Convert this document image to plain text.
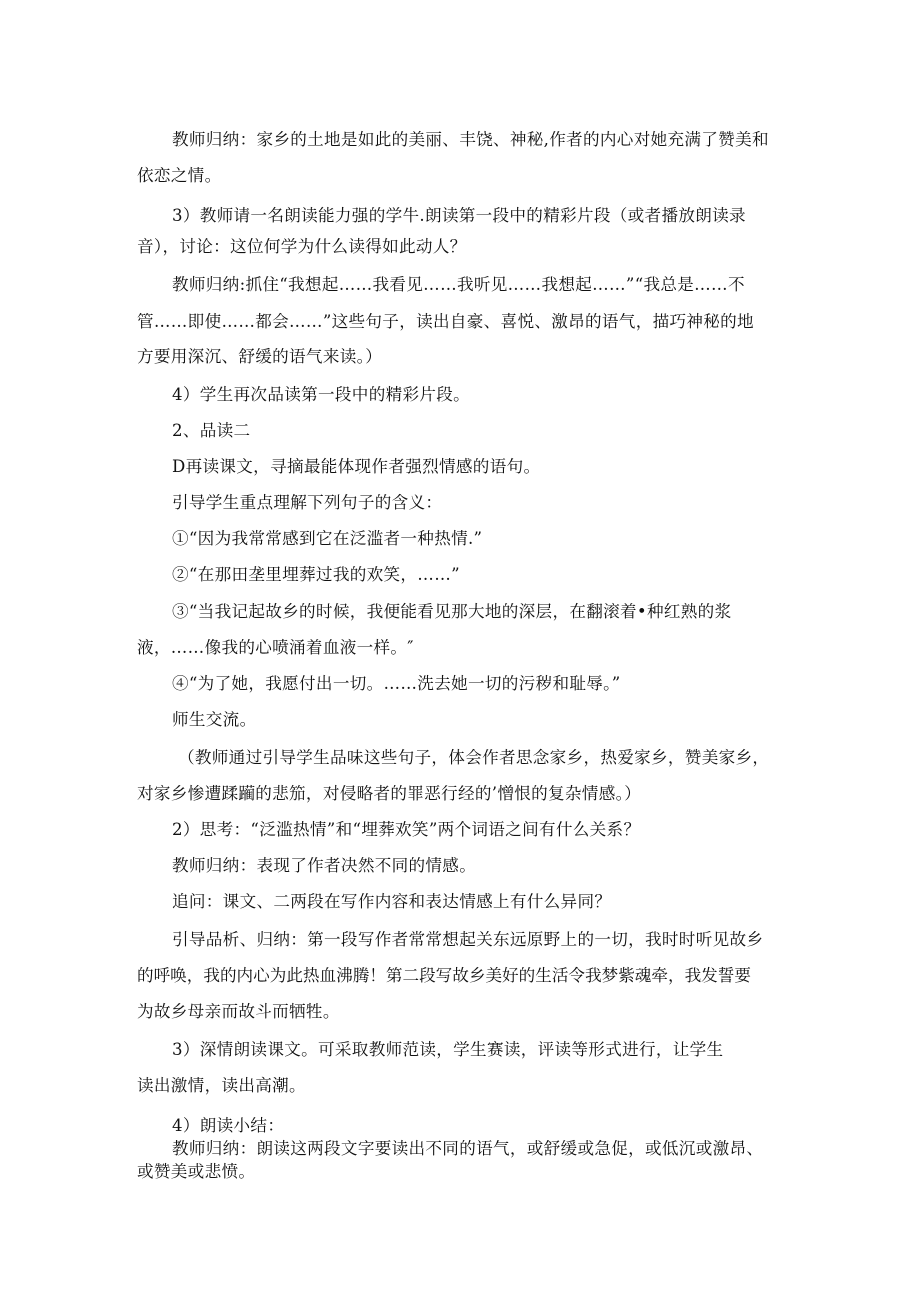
教师归纳：家乡的土地是如此的美丽、丰饶、神秘,作者的内心对她充满了赞美和
依恋之情。
3）教师请一名朗读能力强的学牛.朗读第一段中的精彩片段（或者播放朗读录
音），讨论：这位何学为什么读得如此动人？
教师归纳:抓住“我想起……我看见……我听见……我想起……”“我总是……不
管……即使……都会……”这些句子，读出自豪、喜悦、激昂的语气，描巧神秘的地
方要用深沉、舒缓的语气来读。）
4）学生再次品读第一段中的精彩片段。
2、品读二
D再读课文，寻摘最能体现作者强烈情感的语句。
引导学生重点理解下列句子的含义：
①“因为我常常感到它在泛滥者一种热情.”
②“在那田垄里埋葬过我的欢笑，……”
③“当我记起故乡的时候，我便能看见那大地的深层，在翻滚着•种红熟的浆
液，……像我的心喷涌着血液一样。″
④“为了她，我愿付出一切。……洗去她一切的污秽和耻辱。”
师生交流。
（教师通过引导学生品味这些句子，体会作者思念家乡，热爱家乡，赞美家乡，
对家乡惨遭蹂躏的悲笳，对侵略者的罪恶行经的’憎恨的复杂情感。）
2）思考：“泛滥热情”和“埋葬欢笑”两个词语之间有什么关系？
教师归纳：表现了作者决然不同的情感。
追问：课文、二两段在写作内容和表达情感上有什么异同？
引导品析、归纳：第一段写作者常常想起关东远原野上的一切，我时时听见故乡
的呼唤，我的内心为此热血沸腾！第二段写故乡美好的生活令我梦紫魂牵，我发誓要
为故乡母亲而故斗而牺牲。
3）深情朗读课文。可采取教师范读，学生赛读，评读等形式进行，让学生
读出激情，读出高潮。
4）朗读小结：
教师归纳：朗读这两段文字要读出不同的语气，或舒缓或急促，或低沉或激昂、
或赞美或悲愤。
